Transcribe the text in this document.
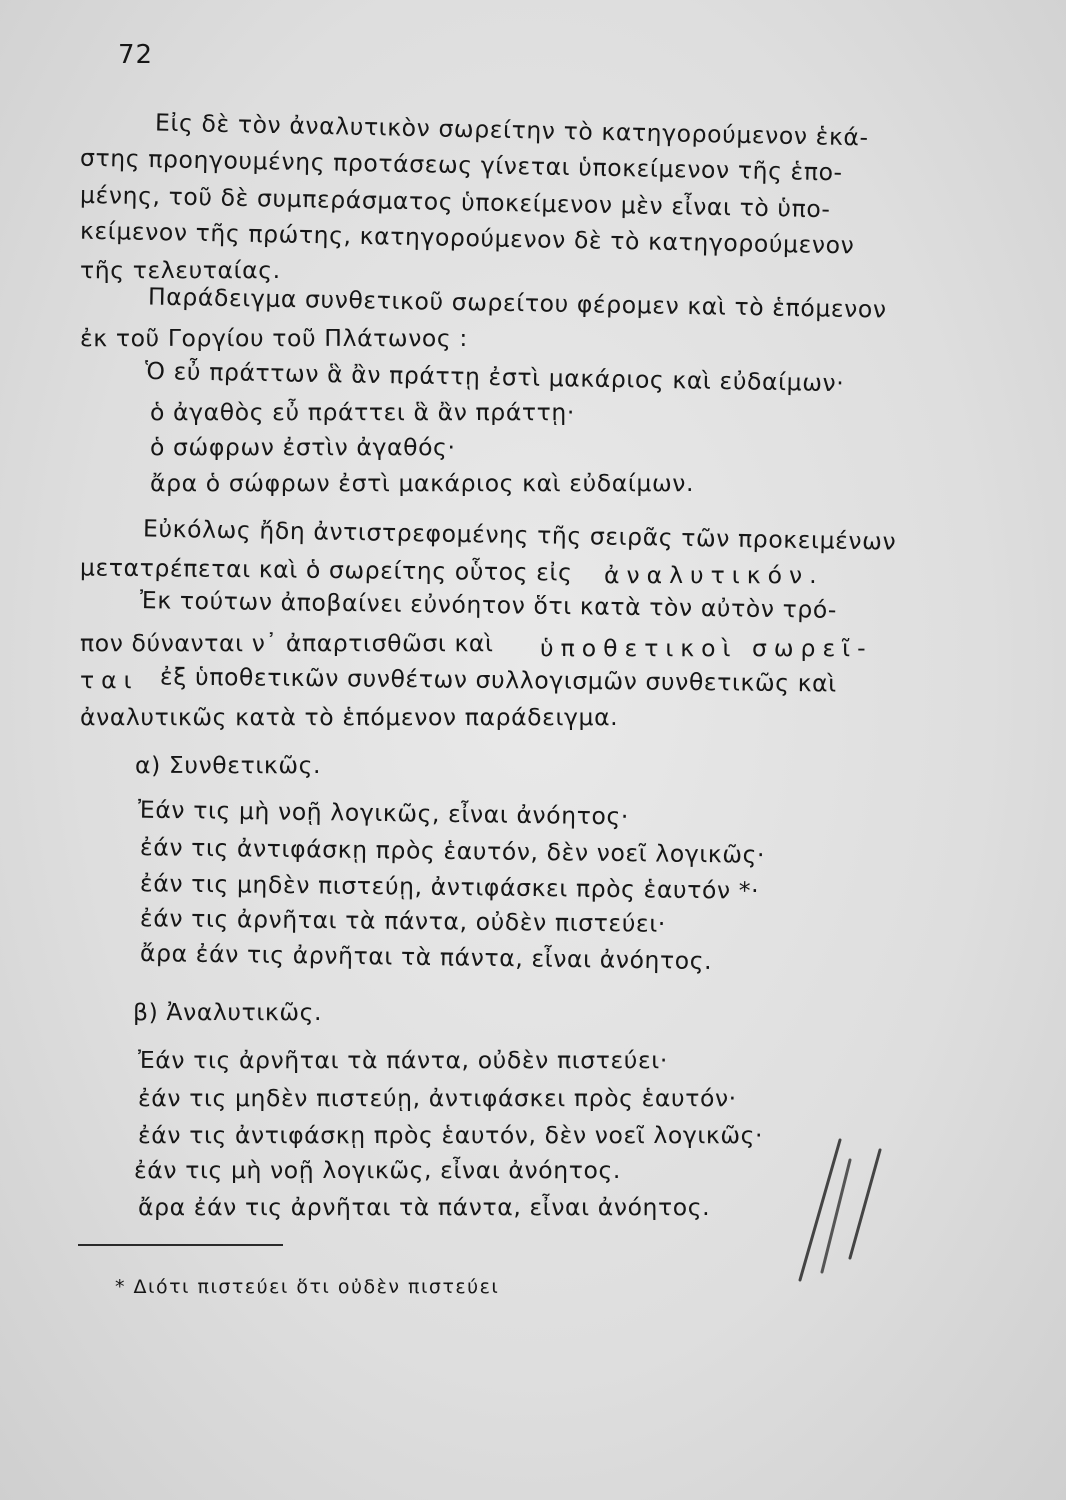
72
Εἰς δὲ τὸν ἀναλυτικὸν σωρείτην τὸ κατηγορούμενον ἑκά-
στης προηγουμένης προτάσεως γίνεται ὑποκείμενον τῆς ἑπο-
μένης, τοῦ δὲ συμπεράσματος ὑποκείμενον μὲν εἶναι τὸ ὑπο-
κείμενον τῆς πρώτης, κατηγορούμενον δὲ τὸ κατηγορούμενον
τῆς τελευταίας.
Παράδειγμα συνθετικοῦ σωρείτου φέρομεν καὶ τὸ ἑπόμενον
ἐκ τοῦ Γοργίου τοῦ Πλάτωνος :
Ὁ εὖ πράττων ἃ ἂν πράττῃ ἐστὶ μακάριος καὶ εὐδαίμων·
ὁ ἀγαθὸς εὖ πράττει ἃ ἂν πράττῃ·
ὁ σώφρων ἐστὶν ἀγαθός·
ἄρα ὁ σώφρων ἐστὶ μακάριος καὶ εὐδαίμων.
Εὐκόλως ἤδη ἀντιστρεφομένης τῆς σειρᾶς τῶν προκειμένων
μετατρέπεται καὶ ὁ σωρείτης οὗτος εἰς ἀναλυτικόν.
Ἐκ τούτων ἀποβαίνει εὐνόητον ὅτι κατὰ τὸν αὐτὸν τρό-
πον δύνανται ν᾽ ἀπαρτισθῶσι καὶ ὑποθετικοὶ σωρεῖ-
ται ἐξ ὑποθετικῶν συνθέτων συλλογισμῶν συνθετικῶς καὶ
ἀναλυτικῶς κατὰ τὸ ἑπόμενον παράδειγμα.
α) Συνθετικῶς.
Ἐάν τις μὴ νοῇ λογικῶς, εἶναι ἀνόητος·
ἐάν τις ἀντιφάσκῃ πρὸς ἑαυτόν, δὲν νοεῖ λογικῶς·
ἐάν τις μηδὲν πιστεύῃ, ἀντιφάσκει πρὸς ἑαυτόν *·
ἐάν τις ἀρνῆται τὰ πάντα, οὐδὲν πιστεύει·
ἄρα ἐάν τις ἀρνῆται τὰ πάντα, εἶναι ἀνόητος.
β) Ἀναλυτικῶς.
Ἐάν τις ἀρνῆται τὰ πάντα, οὐδὲν πιστεύει·
ἐάν τις μηδὲν πιστεύῃ, ἀντιφάσκει πρὸς ἑαυτόν·
ἐάν τις ἀντιφάσκῃ πρὸς ἑαυτόν, δὲν νοεῖ λογικῶς·
ἐάν τις μὴ νοῇ λογικῶς, εἶναι ἀνόητος.
ἄρα ἐάν τις ἀρνῆται τὰ πάντα, εἶναι ἀνόητος.
* Διότι πιστεύει ὅτι οὐδὲν πιστεύει
